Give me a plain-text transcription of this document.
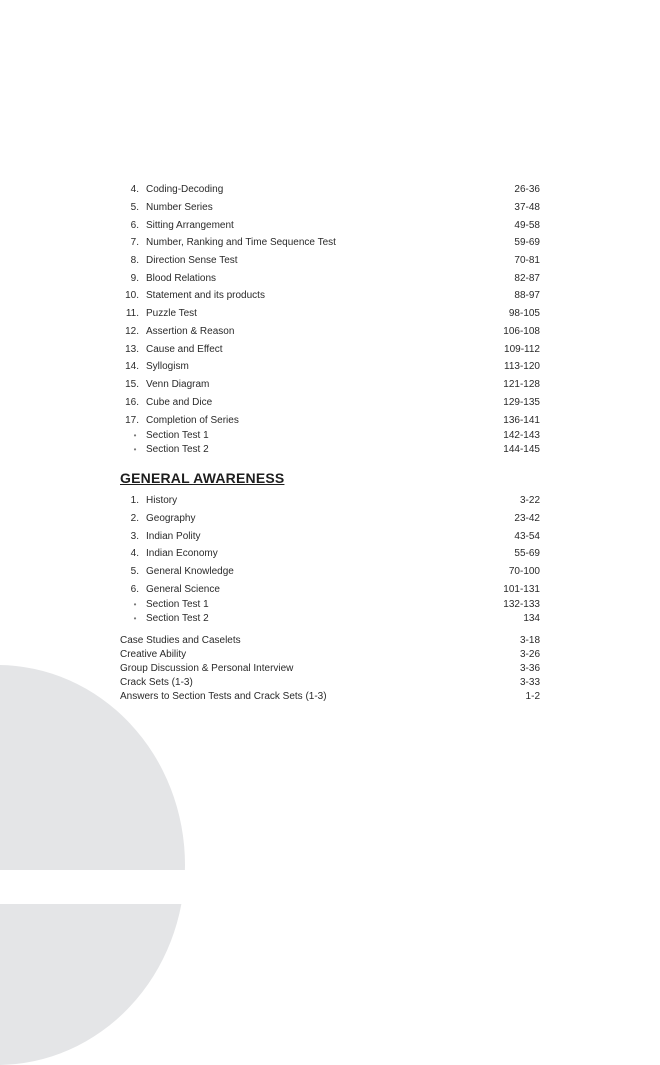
4. Coding-Decoding	26-36
5. Number Series	37-48
6. Sitting Arrangement	49-58
7. Number, Ranking and Time Sequence Test	59-69
8. Direction Sense Test	70-81
9. Blood Relations	82-87
10. Statement and its products	88-97
11. Puzzle Test	98-105
12. Assertion & Reason	106-108
13. Cause and Effect	109-112
14. Syllogism	113-120
15. Venn Diagram	121-128
16. Cube and Dice	129-135
17. Completion of Series	136-141
• Section Test 1	142-143
• Section Test 2	144-145
GENERAL AWARENESS
1. History	3-22
2. Geography	23-42
3. Indian Polity	43-54
4. Indian Economy	55-69
5. General Knowledge	70-100
6. General Science	101-131
• Section Test 1	132-133
• Section Test 2	134
Case Studies and Caselets	3-18
Creative Ability	3-26
Group Discussion & Personal Interview	3-36
Crack Sets (1-3)	3-33
Answers to Section Tests and Crack Sets (1-3)	1-2
